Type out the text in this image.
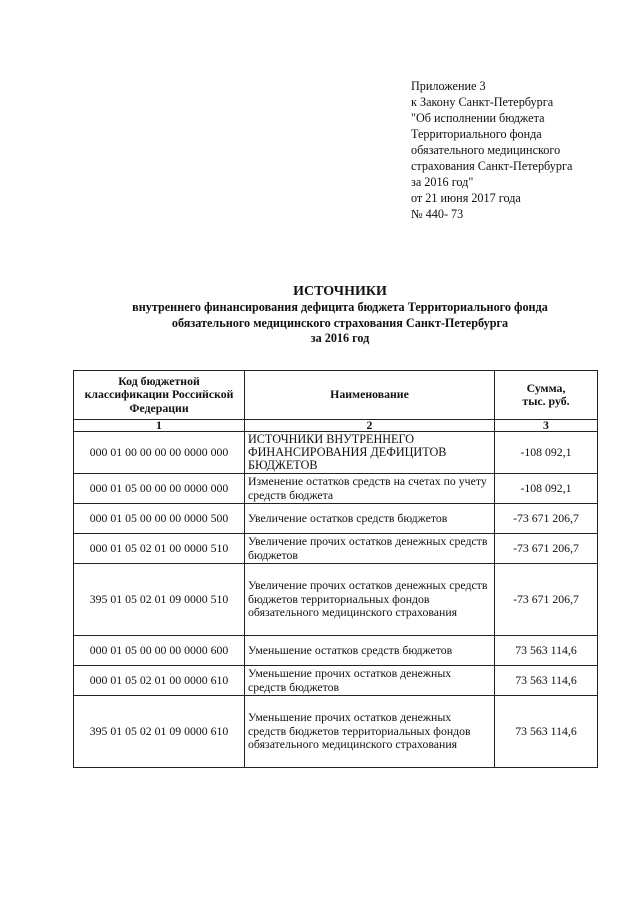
Приложение 3
к Закону Санкт-Петербурга
"Об исполнении бюджета
Территориального фонда
обязательного медицинского
страхования Санкт-Петербурга
за 2016 год"
от 21 июня 2017 года
№ 440- 73
ИСТОЧНИКИ
внутреннего финансирования дефицита бюджета Территориального фонда
обязательного медицинского страхования Санкт-Петербурга
за 2016 год
Код бюджетной классификации Российской Федерации	Наименование	Сумма, тыс. руб.
1	2	3
000 01 00 00 00 00 0000 000	ИСТОЧНИКИ ВНУТРЕННЕГО ФИНАНСИРОВАНИЯ ДЕФИЦИТОВ БЮДЖЕТОВ	-108 092,1
000 01 05 00 00 00 0000 000	Изменение остатков средств на счетах по учету средств бюджета	-108 092,1
000 01 05 00 00 00 0000 500	Увеличение остатков средств бюджетов	-73 671 206,7
000 01 05 02 01 00 0000 510	Увеличение прочих остатков денежных средств бюджетов	-73 671 206,7
395 01 05 02 01 09 0000 510	Увеличение прочих остатков денежных средств бюджетов территориальных фондов обязательного медицинского страхования	-73 671 206,7
000 01 05 00 00 00 0000 600	Уменьшение остатков средств бюджетов	73 563 114,6
000 01 05 02 01 00 0000 610	Уменьшение прочих остатков денежных средств бюджетов	73 563 114,6
395 01 05 02 01 09 0000 610	Уменьшение прочих остатков денежных средств бюджетов территориальных фондов обязательного медицинского страхования	73 563 114,6
